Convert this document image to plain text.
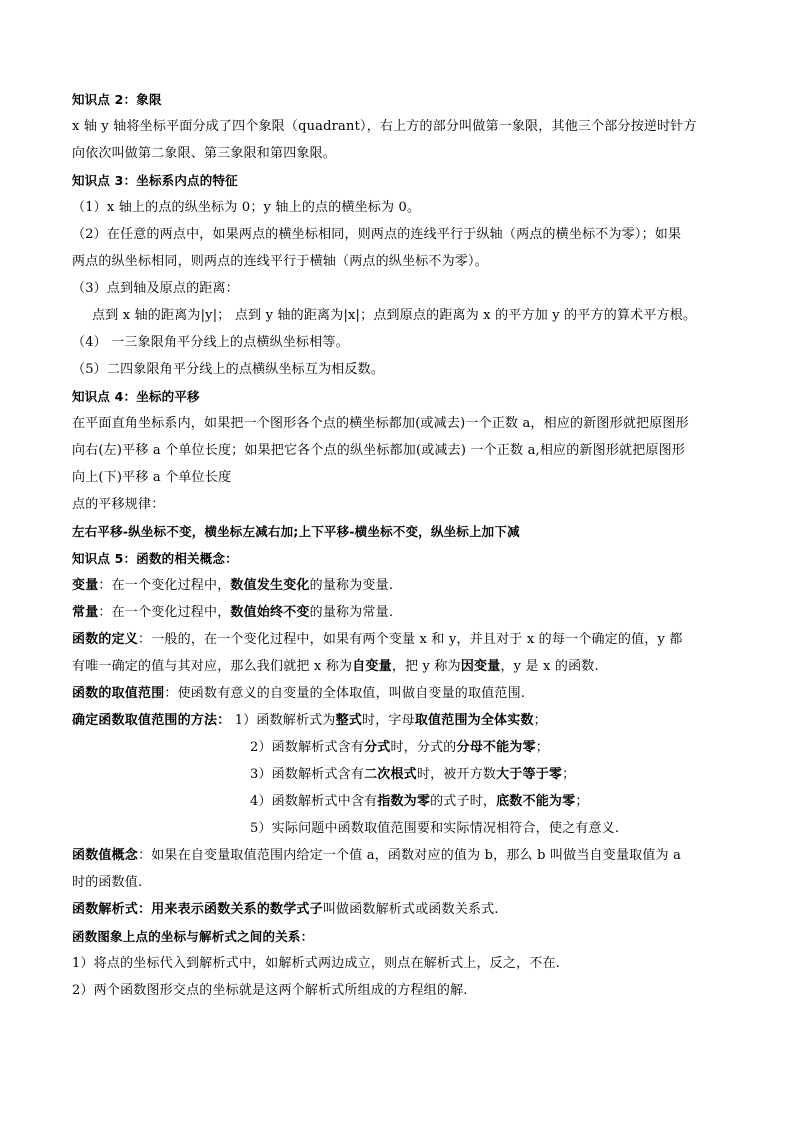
知识点 2：象限
x 轴 y 轴将坐标平面分成了四个象限（quadrant），右上方的部分叫做第一象限，其他三个部分按逆时针方
向依次叫做第二象限、第三象限和第四象限。
知识点 3：坐标系内点的特征
（1）x 轴上的点的纵坐标为 0；y 轴上的点的横坐标为 0。
（2）在任意的两点中，如果两点的横坐标相同，则两点的连线平行于纵轴（两点的横坐标不为零）；如果
两点的纵坐标相同，则两点的连线平行于横轴（两点的纵坐标不为零）。
（3）点到轴及原点的距离：
点到 x 轴的距离为|y|； 点到 y 轴的距离为|x|；点到原点的距离为 x 的平方加 y 的平方的算术平方根。
（4） 一三象限角平分线上的点横纵坐标相等。
（5）二四象限角平分线上的点横纵坐标互为相反数。
知识点 4：坐标的平移
在平面直角坐标系内，如果把一个图形各个点的横坐标都加(或减去)一个正数 a，相应的新图形就把原图形
向右(左)平移 a 个单位长度；如果把它各个点的纵坐标都加(或减去) 一个正数 a,相应的新图形就把原图形
向上(下)平移 a 个单位长度
点的平移规律：
左右平移-纵坐标不变，横坐标左减右加;上下平移-横坐标不变，纵坐标上加下减
知识点 5：函数的相关概念：
变量：在一个变化过程中，数值发生变化的量称为变量.
常量：在一个变化过程中，数值始终不变的量称为常量.
函数的定义：一般的，在一个变化过程中，如果有两个变量 x 和 y，并且对于 x 的每一个确定的值，y 都
有唯一确定的值与其对应，那么我们就把 x 称为自变量，把 y 称为因变量，y 是 x 的函数.
函数的取值范围：使函数有意义的自变量的全体取值，叫做自变量的取值范围.
确定函数取值范围的方法： 1）函数解析式为整式时，字母取值范围为全体实数；
2）函数解析式含有分式时，分式的分母不能为零；
3）函数解析式含有二次根式时，被开方数大于等于零；
4）函数解析式中含有指数为零的式子时，底数不能为零；
5）实际问题中函数取值范围要和实际情况相符合，使之有意义.
函数值概念：如果在自变量取值范围内给定一个值 a，函数对应的值为 b，那么 b 叫做当自变量取值为 a
时的函数值.
函数解析式：用来表示函数关系的数学式子叫做函数解析式或函数关系式.
函数图象上点的坐标与解析式之间的关系：
1）将点的坐标代入到解析式中，如解析式两边成立，则点在解析式上，反之，不在.
2）两个函数图形交点的坐标就是这两个解析式所组成的方程组的解.
